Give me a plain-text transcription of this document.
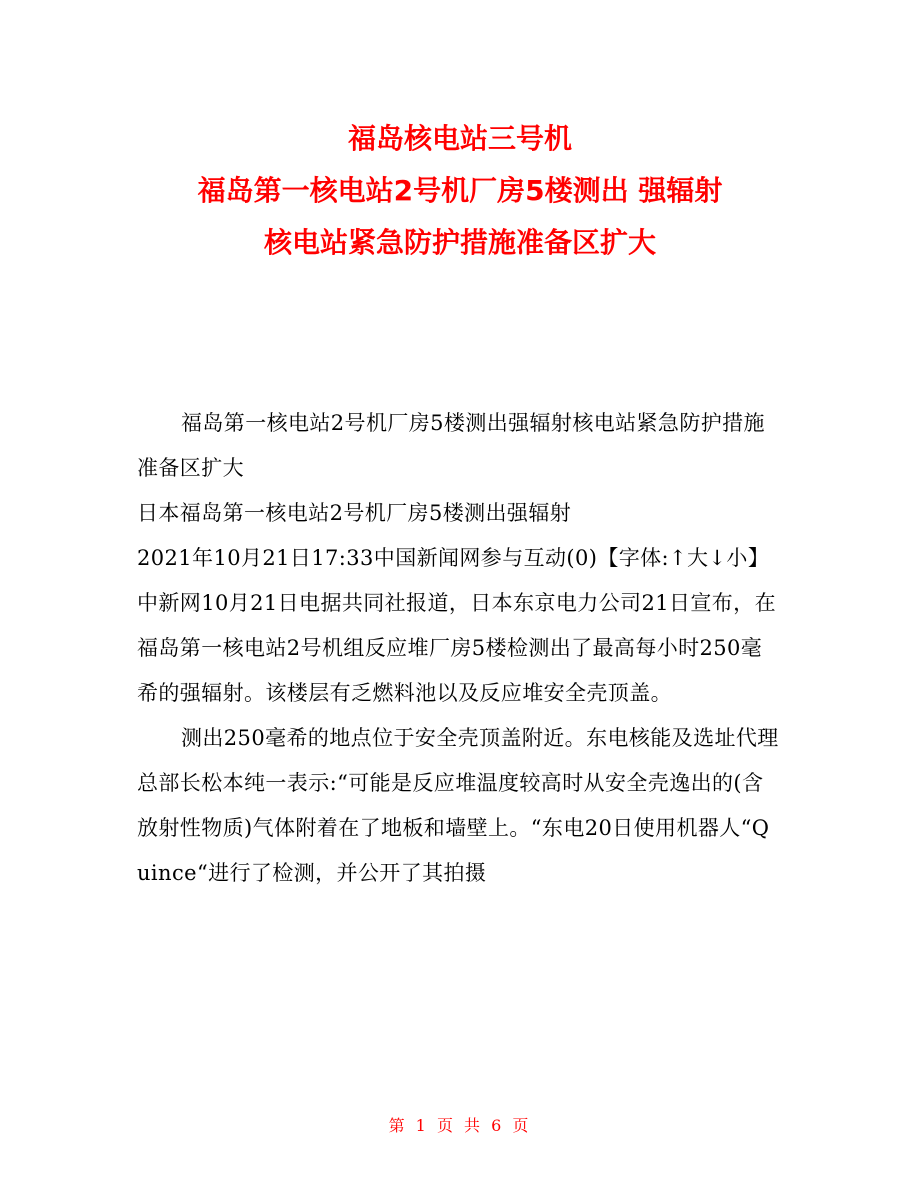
福岛核电站三号机
福岛第一核电站2号机厂房5楼测出 强辐射
核电站紧急防护措施准备区扩大

福岛第一核电站2号机厂房5楼测出强辐射核电站紧急防护措施准备区扩大

日本福岛第一核电站2号机厂房5楼测出强辐射

2021年10月21日17:33中国新闻网参与互动(0)【字体:↑大↓小】

中新网10月21日电据共同社报道，日本东京电力公司21日宣布，在福岛第一核电站2号机组反应堆厂房5楼检测出了最高每小时250毫希的强辐射。该楼层有乏燃料池以及反应堆安全壳顶盖。

测出250毫希的地点位于安全壳顶盖附近。东电核能及选址代理总部长松本纯一表示:“可能是反应堆温度较高时从安全壳逸出的(含放射性物质)气体附着在了地板和墙壁上。“东电20日使用机器人“Quince“进行了检测，并公开了其拍摄

第 1 页 共 6 页
